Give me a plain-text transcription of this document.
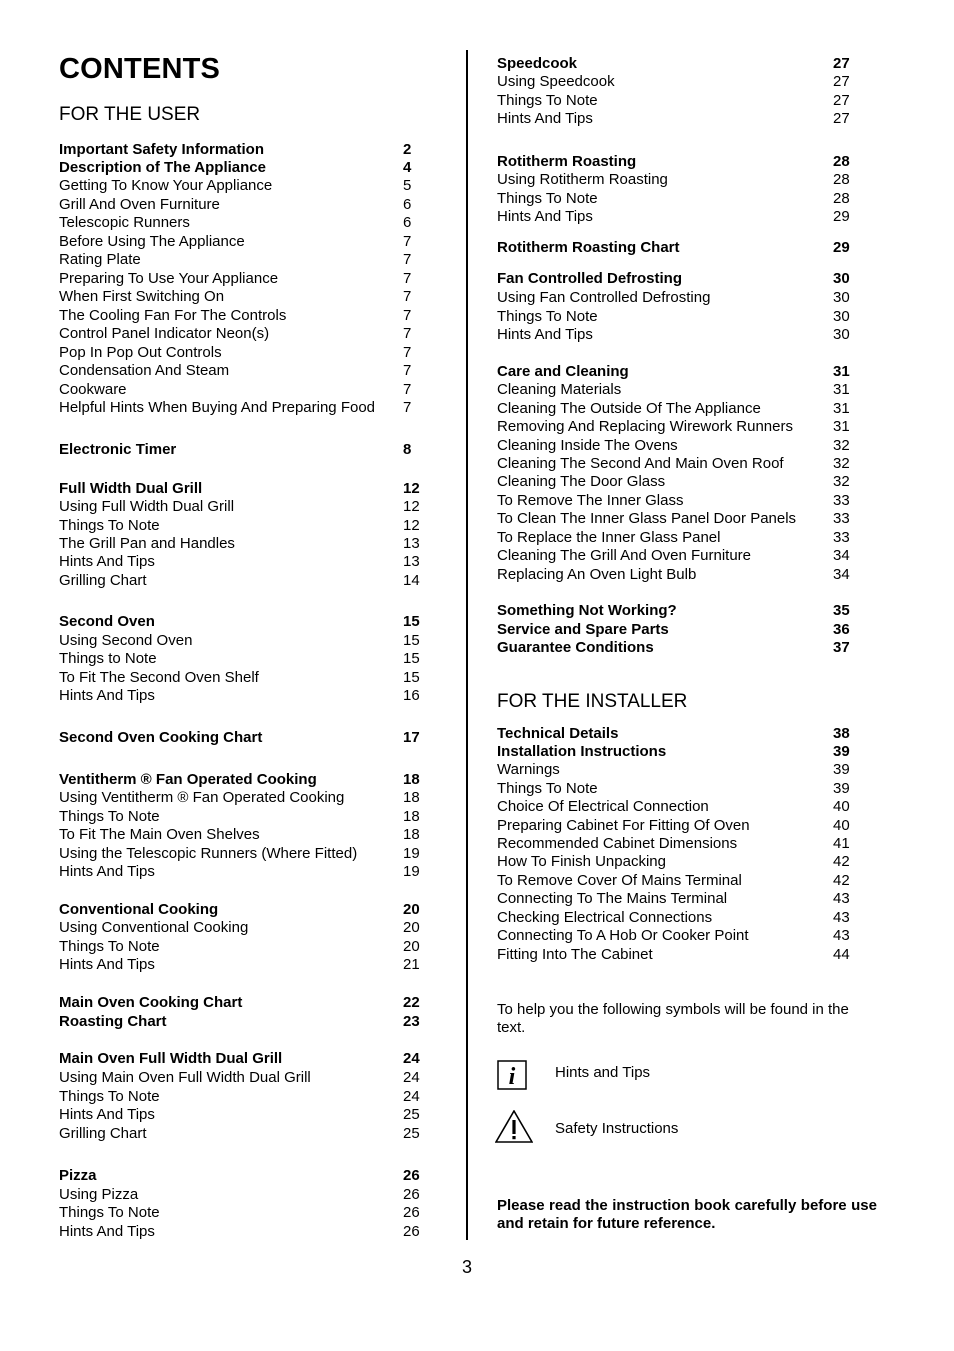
CONTENTS
FOR THE USER
Important Safety Information	2
Description of The Appliance	4
Getting To Know Your Appliance	5
Grill And Oven Furniture	6
Telescopic Runners	6
Before Using The Appliance	7
Rating Plate	7
Preparing To Use Your Appliance	7
When First Switching On	7
The Cooling Fan For The Controls	7
Control Panel Indicator Neon(s)	7
Pop In Pop Out Controls	7
Condensation And Steam	7
Cookware	7
Helpful Hints When Buying And Preparing Food 7
Electronic Timer	8
Full Width Dual Grill	12
Using Full Width Dual Grill	12
Things To Note	12
The Grill Pan and Handles	13
Hints And Tips	13
Grilling Chart	14
Second Oven	15
Using Second Oven	15
Things to Note	15
To Fit The Second Oven Shelf	15
Hints And Tips	16
Second Oven Cooking Chart	17
Ventitherm ® Fan Operated Cooking	18
Using Ventitherm ® Fan Operated Cooking	18
Things To Note	18
To Fit The Main Oven Shelves	18
Using the Telescopic Runners (Where Fitted)	19
Hints And Tips	19
Conventional Cooking	20
Using Conventional Cooking	20
Things To Note	20
Hints And Tips	21
Main Oven Cooking Chart	22
Roasting Chart	23
Main Oven Full Width Dual Grill	24
Using Main Oven Full Width Dual Grill	24
Things To Note	24
Hints And Tips	25
Grilling Chart	25
Pizza	26
Using Pizza	26
Things To Note	26
Hints And Tips	26
Speedcook	27
Using Speedcook	27
Things To Note	27
Hints And Tips	27
Rotitherm Roasting	28
Using Rotitherm Roasting	28
Things To Note	28
Hints And Tips	29
Rotitherm Roasting Chart	29
Fan Controlled Defrosting	30
Using Fan Controlled Defrosting	30
Things To Note	30
Hints And Tips	30
Care and Cleaning	31
Cleaning Materials	31
Cleaning The Outside Of The Appliance	31
Removing And Replacing Wirework Runners	31
Cleaning Inside The Ovens	32
Cleaning The Second And Main Oven Roof	32
Cleaning The Door Glass	32
To Remove The Inner Glass	33
To Clean The Inner Glass Panel Door Panels 33
To Replace the Inner Glass Panel	33
Cleaning The Grill And Oven Furniture	34
Replacing An Oven Light Bulb	34
Something Not Working?	35
Service and Spare Parts	36
Guarantee Conditions	37
FOR THE INSTALLER
Technical Details	38
Installation Instructions	39
Warnings	39
Things To Note	39
Choice Of Electrical Connection	40
Preparing Cabinet For Fitting Of Oven	40
Recommended Cabinet Dimensions	41
How To Finish Unpacking	42
To Remove Cover Of Mains Terminal	42
Connecting To The Mains Terminal	43
Checking Electrical Connections	43
Connecting To A Hob Or Cooker Point	43
Fitting Into The Cabinet	44
To help you the following symbols will be found in the text.
i	Hints and Tips
Safety Instructions
Please read the instruction book carefully before use and retain for future reference.
3
